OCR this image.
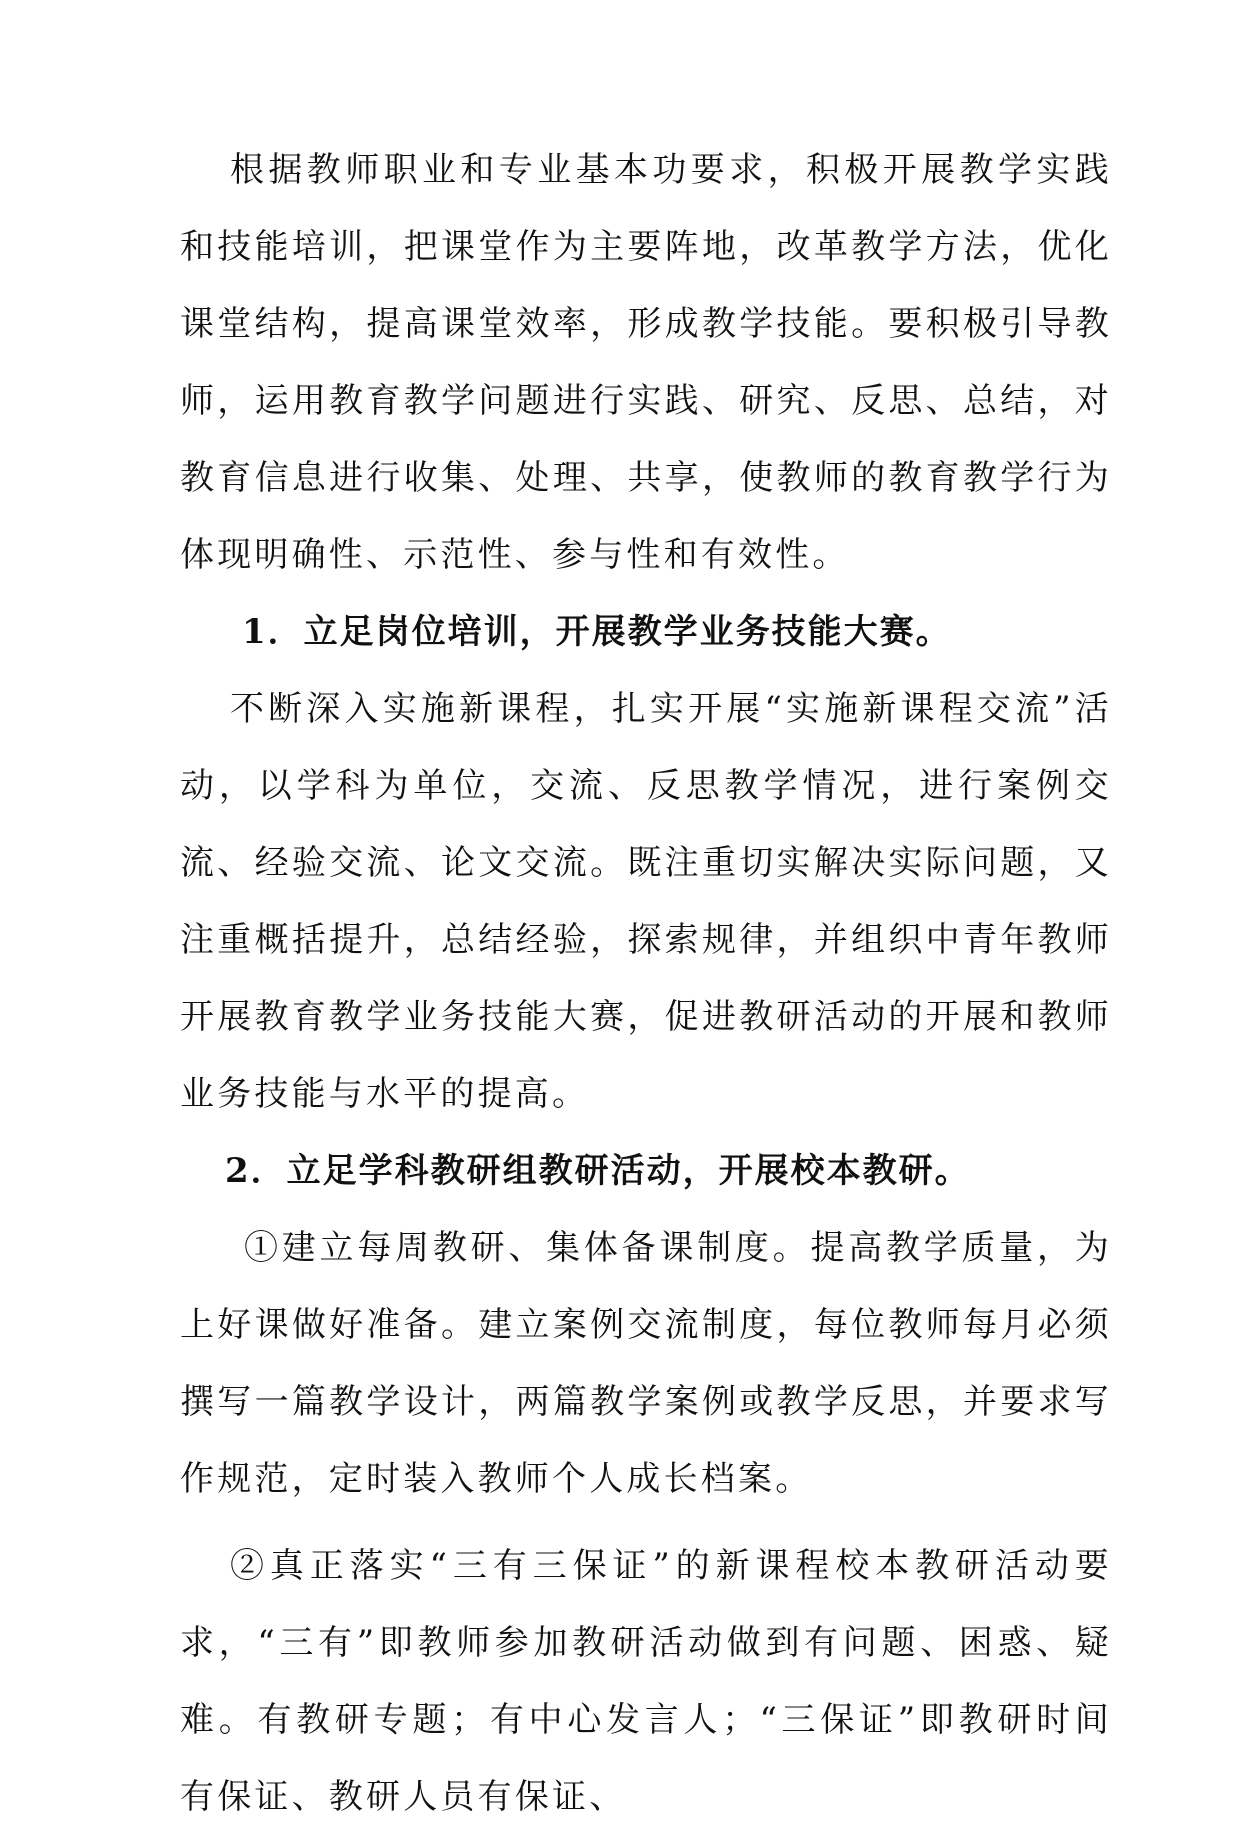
根据教师职业和专业基本功要求，积极开展教学实践和技能培训，把课堂作为主要阵地，改革教学方法，优化课堂结构，提高课堂效率，形成教学技能。要积极引导教师，运用教育教学问题进行实践、研究、反思、总结，对教育信息进行收集、处理、共享，使教师的教育教学行为体现明确性、示范性、参与性和有效性。

1．立足岗位培训，开展教学业务技能大赛。

不断深入实施新课程，扎实开展“实施新课程交流”活动，以学科为单位，交流、反思教学情况，进行案例交流、经验交流、论文交流。既注重切实解决实际问题，又注重概括提升，总结经验，探索规律，并组织中青年教师开展教育教学业务技能大赛，促进教研活动的开展和教师业务技能与水平的提高。

2．立足学科教研组教研活动，开展校本教研。

①建立每周教研、集体备课制度。提高教学质量，为上好课做好准备。建立案例交流制度，每位教师每月必须撰写一篇教学设计，两篇教学案例或教学反思，并要求写作规范，定时装入教师个人成长档案。

②真正落实“三有三保证”的新课程校本教研活动要求，“三有”即教师参加教研活动做到有问题、困惑、疑难。有教研专题；有中心发言人；“三保证”即教研时间有保证、教研人员有保证、
